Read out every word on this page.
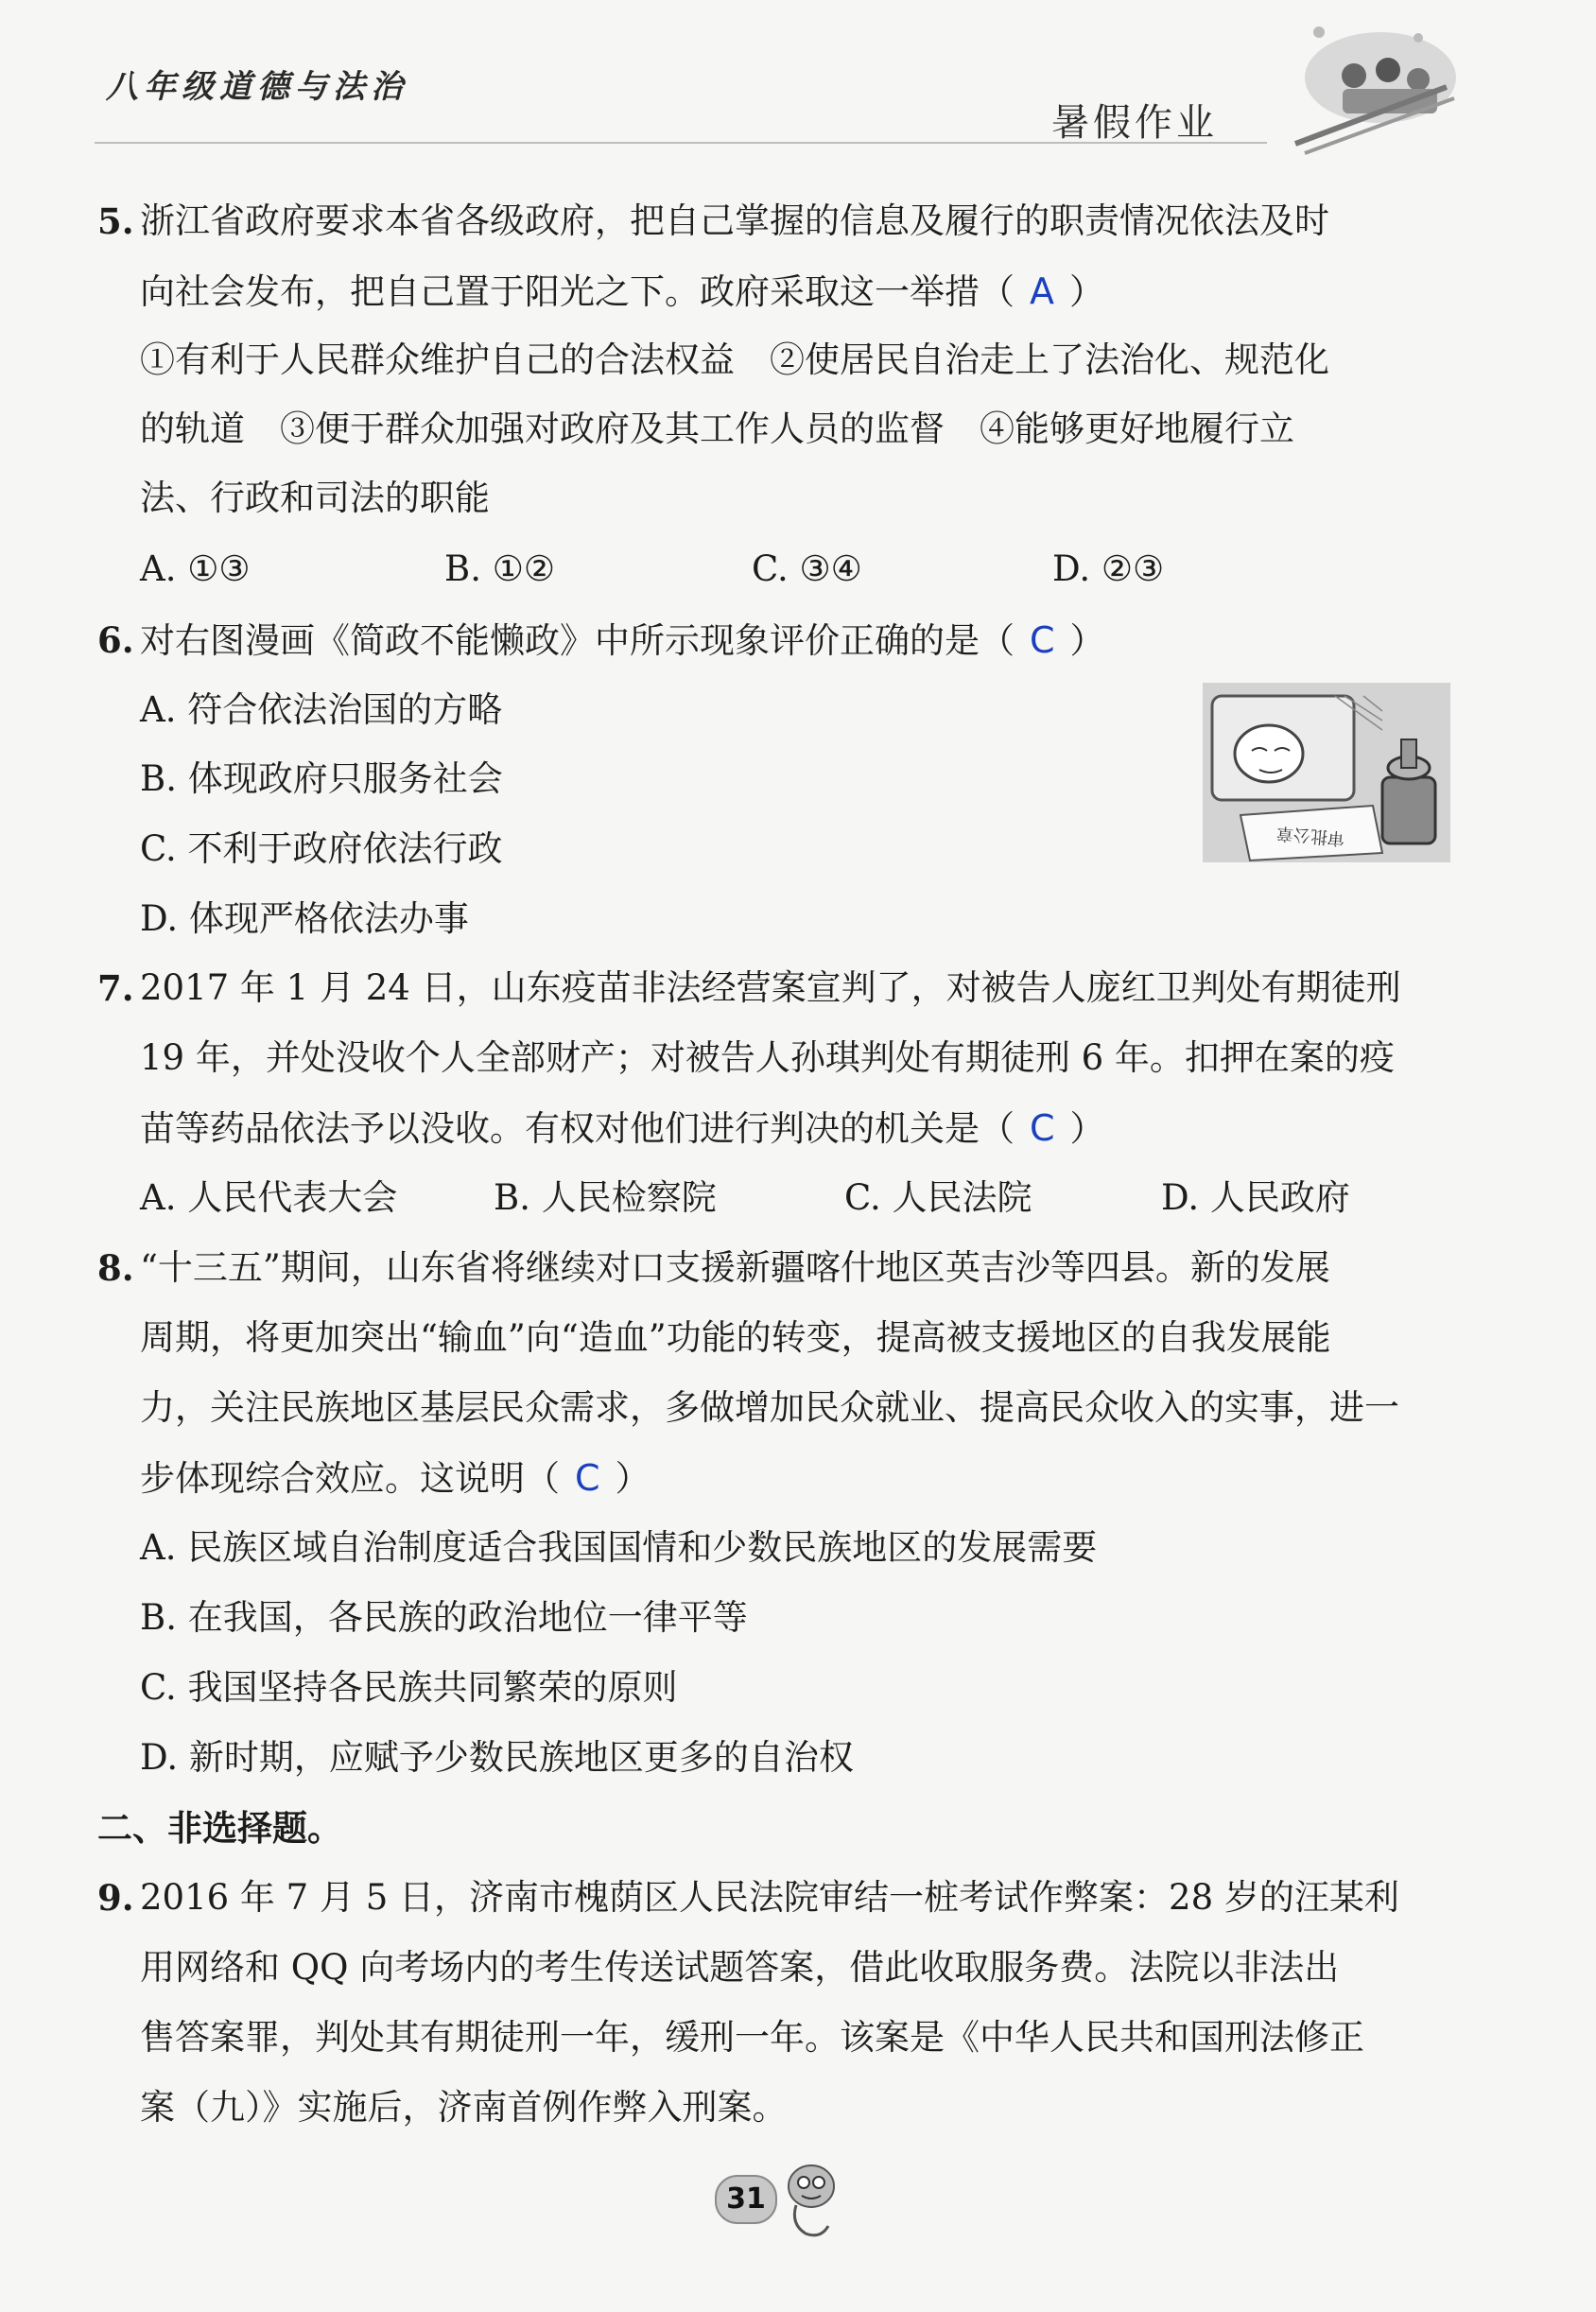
八年级道德与法治
暑假作业
5. 浙江省政府要求本省各级政府，把自己掌握的信息及履行的职责情况依法及时
向社会发布，把自己置于阳光之下。政府采取这一举措（ A ）
①有利于人民群众维护自己的合法权益　②使居民自治走上了法治化、规范化
的轨道　③便于群众加强对政府及其工作人员的监督　④能够更好地履行立
法、行政和司法的职能
A. ①③	B. ①②	C. ③④	D. ②③
6. 对右图漫画《简政不能懒政》中所示现象评价正确的是（ C ）
A. 符合依法治国的方略
B. 体现政府只服务社会
C. 不利于政府依法行政
D. 体现严格依法办事
审批公章
7. 2017 年 1 月 24 日，山东疫苗非法经营案宣判了，对被告人庞红卫判处有期徒刑
19 年，并处没收个人全部财产；对被告人孙琪判处有期徒刑 6 年。扣押在案的疫
苗等药品依法予以没收。有权对他们进行判决的机关是（ C ）
A. 人民代表大会	B. 人民检察院	C. 人民法院	D. 人民政府
8. “十三五”期间，山东省将继续对口支援新疆喀什地区英吉沙等四县。新的发展
周期，将更加突出“输血”向“造血”功能的转变，提高被支援地区的自我发展能
力，关注民族地区基层民众需求，多做增加民众就业、提高民众收入的实事，进一
步体现综合效应。这说明（ C ）
A. 民族区域自治制度适合我国国情和少数民族地区的发展需要
B. 在我国，各民族的政治地位一律平等
C. 我国坚持各民族共同繁荣的原则
D. 新时期，应赋予少数民族地区更多的自治权
二、非选择题。
9. 2016 年 7 月 5 日，济南市槐荫区人民法院审结一桩考试作弊案：28 岁的汪某利
用网络和 QQ 向考场内的考生传送试题答案，借此收取服务费。法院以非法出
售答案罪，判处其有期徒刑一年，缓刑一年。该案是《中华人民共和国刑法修正
案（九）》实施后，济南首例作弊入刑案。
31
